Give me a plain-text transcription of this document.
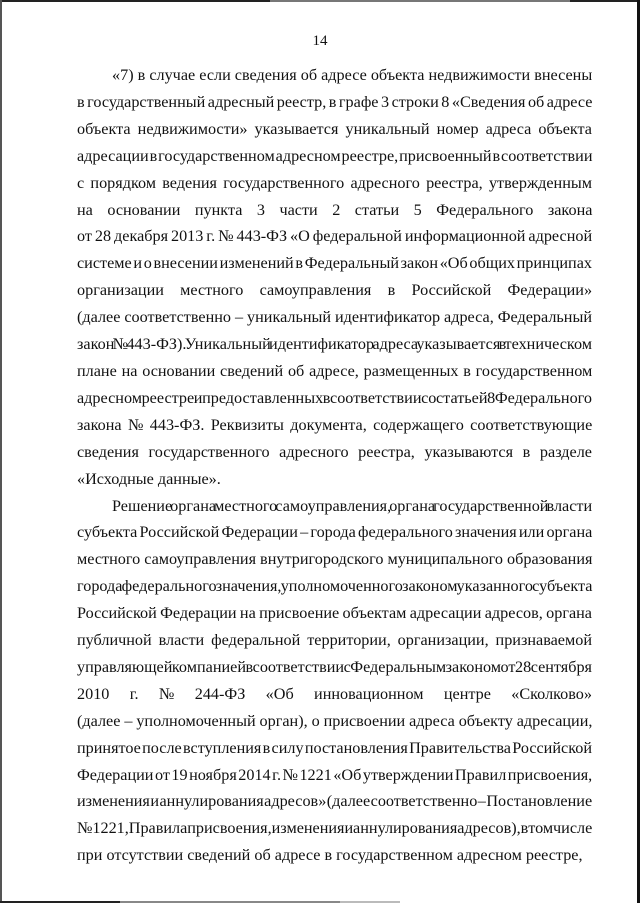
14
«7) в случае если сведения об адресе объекта недвижимости внесены
в государственный адресный реестр, в графе 3 строки 8 «Сведения об адресе
объекта недвижимости» указывается уникальный номер адреса объекта
адресации в государственном адресном реестре, присвоенный в соответствии
с порядком ведения государственного адресного реестра, утвержденным
на основании пункта 3 части 2 статьи 5 Федерального закона
от 28 декабря 2013 г. № 443-ФЗ «О федеральной информационной адресной
системе и о внесении изменений в Федеральный закон «Об общих принципах
организации местного самоуправления в Российской Федерации»
(далее соответственно – уникальный идентификатор адреса, Федеральный
закон № 443-ФЗ). Уникальный идентификатор адреса указывается в техническом
плане на основании сведений об адресе, размещенных в государственном
адресном реестре и предоставленных в соответствии со статьей 8 Федерального
закона № 443-ФЗ. Реквизиты документа, содержащего соответствующие
сведения государственного адресного реестра, указываются в разделе
«Исходные данные».
Решение органа местного самоуправления, органа государственной власти
субъекта Российской Федерации – города федерального значения или органа
местного самоуправления внутригородского муниципального образования
города федерального значения, уполномоченного законом указанного субъекта
Российской Федерации на присвоение объектам адресации адресов, органа
публичной власти федеральной территории, организации, признаваемой
управляющей компанией в соответствии с Федеральным законом от 28 сентября
2010 г. № 244-ФЗ «Об инновационном центре «Сколково»
(далее – уполномоченный орган), о присвоении адреса объекту адресации,
принятое после вступления в силу постановления Правительства Российской
Федерации от 19 ноября 2014 г. № 1221 «Об утверждении Правил присвоения,
изменения и аннулирования адресов» (далее соответственно – Постановление
№ 1221, Правила присвоения, изменения и аннулирования адресов), в том числе
при отсутствии сведений об адресе в государственном адресном реестре,
